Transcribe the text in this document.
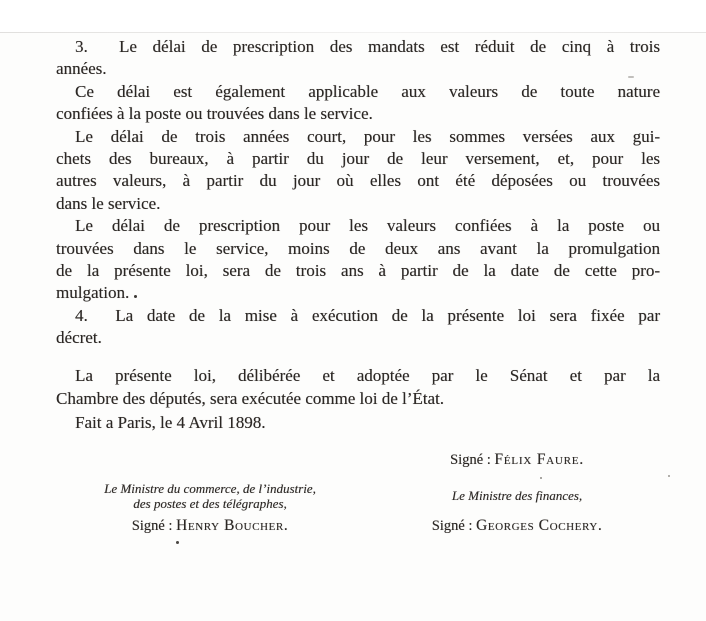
3.  Le délai de prescription des mandats est réduit de cinq à trois
années.
Ce délai est également applicable aux valeurs de toute nature
confiées à la poste ou trouvées dans le service.
Le délai de trois années court, pour les sommes versées aux gui-
chets des bureaux, à partir du jour de leur versement, et, pour les
autres valeurs, à partir du jour où elles ont été déposées ou trouvées
dans le service.
Le délai de prescription pour les valeurs confiées à la poste ou
trouvées dans le service, moins de deux ans avant la promulgation
de la présente loi, sera de trois ans à partir de la date de cette pro-
mulgation.
4.  La date de la mise à exécution de la présente loi sera fixée par
décret.
La présente loi, délibérée et adoptée par le Sénat et par la
Chambre des députés, sera exécutée comme loi de l’État.
Fait a Paris, le 4 Avril 1898.
Signé : Félix Faure.
Le Ministre du commerce, de l’industrie,
des postes et des télégraphes,	Le Ministre des finances,
Signé : Henry Boucher.	Signé : Georges Cochery.
